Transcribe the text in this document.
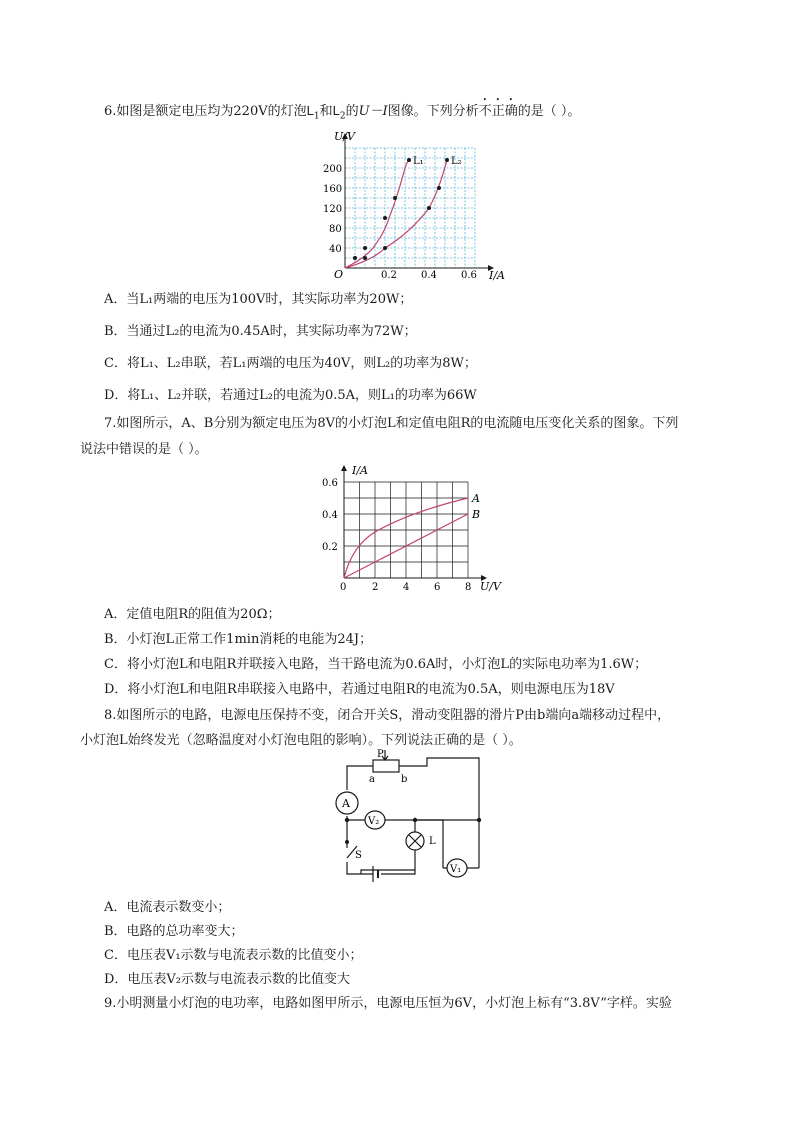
6.如图是额定电压均为220V的灯泡$L_1$和$L_2$的U－I图像。下列分析不正确的是（ ）。
U/V
I/A
O
200
160
120
80
40
0.2 0.4 0.6
L₁	L₂
A．当L₁两端的电压为100V时，其实际功率为20W；
B．当通过L₂的电流为0.45A时，其实际功率为72W；
C．将L₁、L₂串联，若L₁两端的电压为40V，则L₂的功率为8W；
D．将L₁、L₂并联，若通过L₂的电流为0.5A，则L₁的功率为66W
7.如图所示，A、B分别为额定电压为8V的小灯泡L和定值电阻R的电流随电压变化关系的图象。下列
说法中错误的是（ ）。
I/A
U/V
0
0.6
0.4
0.2
2 4 6 8
A
B
A．定值电阻R的阻值为20Ω；
B．小灯泡L正常工作1min消耗的电能为24J；
C．将小灯泡L和电阻R并联接入电路，当干路电流为0.6A时，小灯泡L的实际电功率为1.6W；
D．将小灯泡L和电阻R串联接入电路中，若通过电阻R的电流为0.5A，则电源电压为18V
8.如图所示的电路，电源电压保持不变，闭合开关S，滑动变阻器的滑片P由b端向a端移动过程中，
小灯泡L始终发光（忽略温度对小灯泡电阻的影响）。下列说法正确的是（ ）。
A
V₂
L
V₁
P
a	b
S
A．电流表示数变小；
B．电路的总功率变大；
C．电压表V₁示数与电流表示数的比值变小；
D．电压表V₂示数与电流表示数的比值变大
9.小明测量小灯泡的电功率，电路如图甲所示，电源电压恒为6V，小灯泡上标有“3.8V”字样。实验
